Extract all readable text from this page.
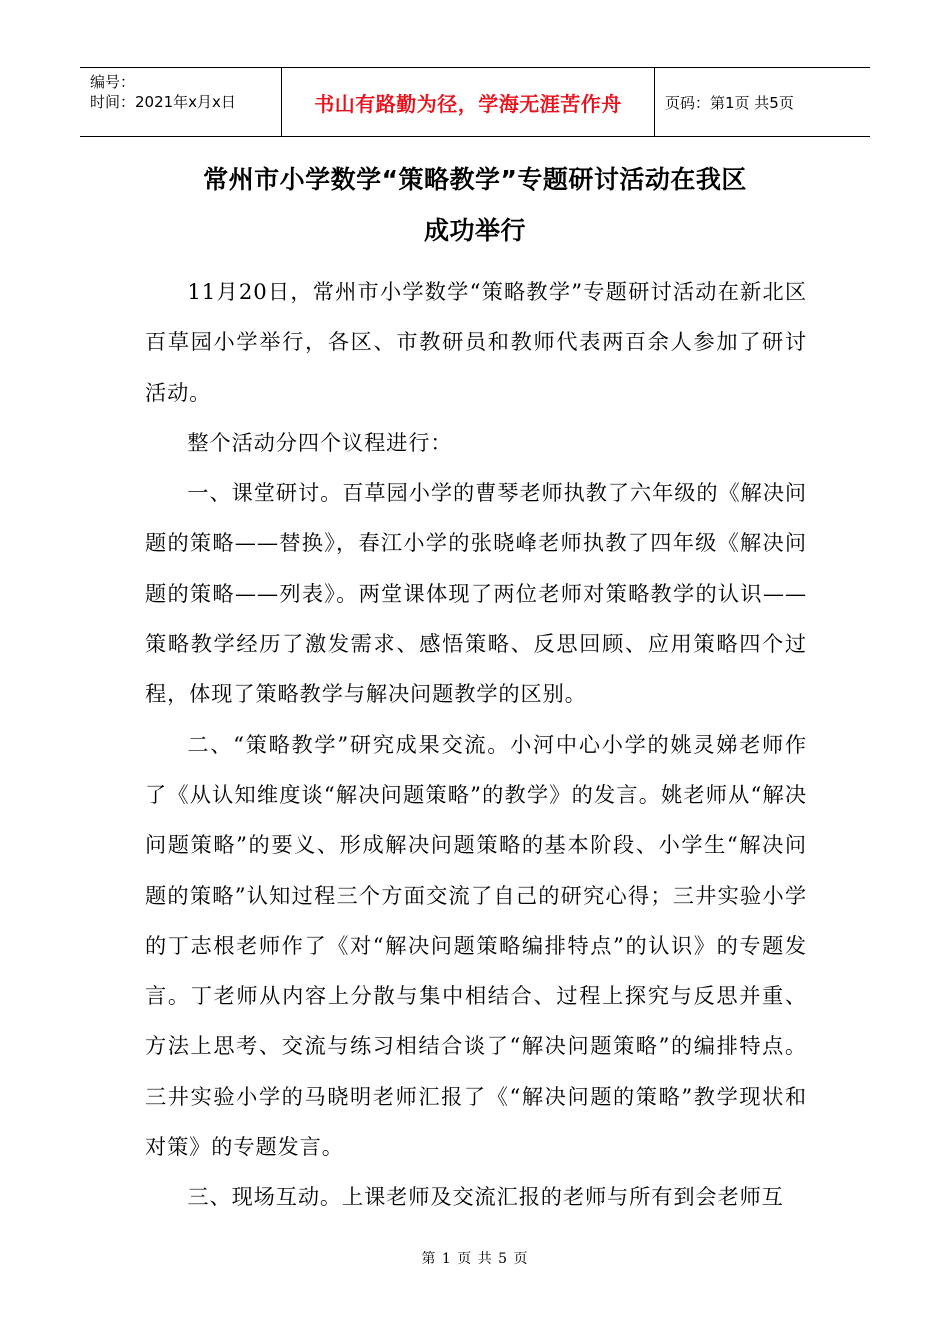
编号：
时间：2021年x月x日	书山有路勤为径，学海无涯苦作舟	页码：第1页 共5页
常州市小学数学“策略教学”专题研讨活动在我区
成功举行

11月20日，常州市小学数学“策略教学”专题研讨活动在新北区百草园小学举行，各区、市教研员和教师代表两百余人参加了研讨活动。

整个活动分四个议程进行：

一、课堂研讨。百草园小学的曹琴老师执教了六年级的《解决问题的策略——替换》，春江小学的张晓峰老师执教了四年级《解决问题的策略——列表》。两堂课体现了两位老师对策略教学的认识——策略教学经历了激发需求、感悟策略、反思回顾、应用策略四个过程，体现了策略教学与解决问题教学的区别。

二、“策略教学”研究成果交流。小河中心小学的姚灵娣老师作了《从认知维度谈“解决问题策略”的教学》的发言。姚老师从“解决问题策略”的要义、形成解决问题策略的基本阶段、小学生“解决问题的策略”认知过程三个方面交流了自己的研究心得；三井实验小学的丁志根老师作了《对“解决问题策略编排特点”的认识》的专题发言。丁老师从内容上分散与集中相结合、过程上探究与反思并重、方法上思考、交流与练习相结合谈了“解决问题策略”的编排特点。三井实验小学的马晓明老师汇报了《“解决问题的策略”教学现状和对策》的专题发言。

三、现场互动。上课老师及交流汇报的老师与所有到会老师互

第 1 页 共 5 页
